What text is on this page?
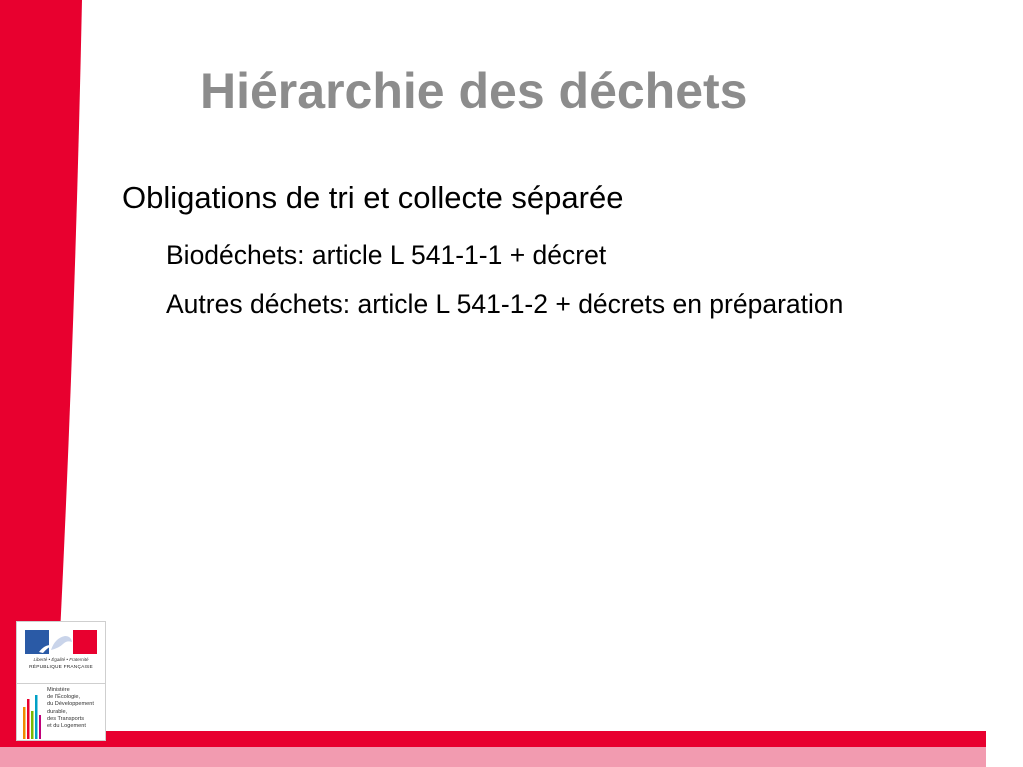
Hiérarchie des déchets
Obligations de tri et collecte séparée
Biodéchets: article L 541-1-1 + décret
Autres déchets: article L 541-1-2 + décrets en préparation
Liberté • Égalité • Fraternité
RÉPUBLIQUE FRANÇAISE
Ministère
de l'Écologie,
du Développement
durable,
des Transports
et du Logement
